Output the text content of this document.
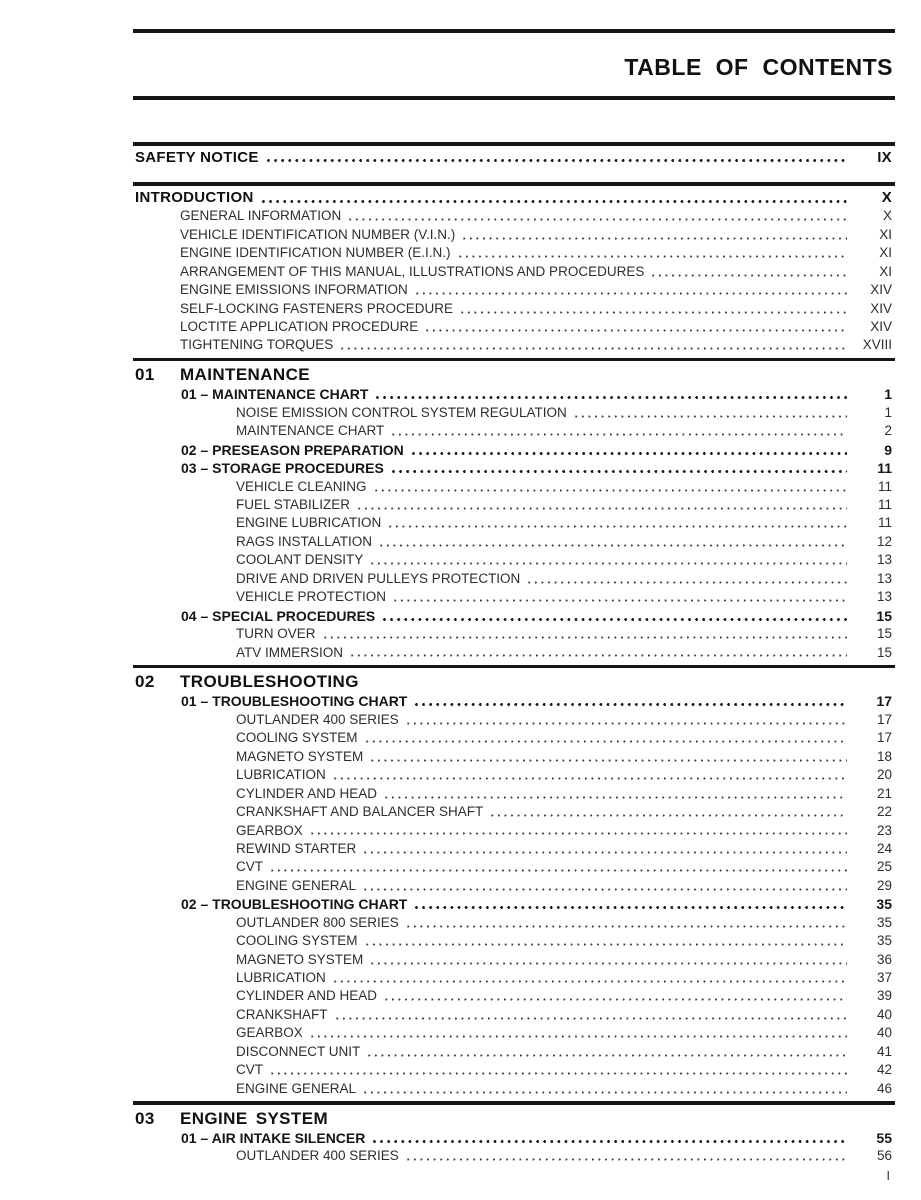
TABLE OF CONTENTS
SAFETY NOTICE	IX
INTRODUCTION	X
GENERAL INFORMATION	X
VEHICLE IDENTIFICATION NUMBER (V.I.N.)	XI
ENGINE IDENTIFICATION NUMBER (E.I.N.)	XI
ARRANGEMENT OF THIS MANUAL, ILLUSTRATIONS AND PROCEDURES	XI
ENGINE EMISSIONS INFORMATION	XIV
SELF-LOCKING FASTENERS PROCEDURE	XIV
LOCTITE APPLICATION PROCEDURE	XIV
TIGHTENING TORQUES	XVIII
01	MAINTENANCE
01 – MAINTENANCE CHART	1
NOISE EMISSION CONTROL SYSTEM REGULATION	1
MAINTENANCE CHART	2
02 – PRESEASON PREPARATION	9
03 – STORAGE PROCEDURES	11
VEHICLE CLEANING	11
FUEL STABILIZER	11
ENGINE LUBRICATION	11
RAGS INSTALLATION	12
COOLANT DENSITY	13
DRIVE AND DRIVEN PULLEYS PROTECTION	13
VEHICLE PROTECTION	13
04 – SPECIAL PROCEDURES	15
TURN OVER	15
ATV IMMERSION	15
02	TROUBLESHOOTING
01 – TROUBLESHOOTING CHART	17
OUTLANDER 400 SERIES	17
COOLING SYSTEM	17
MAGNETO SYSTEM	18
LUBRICATION	20
CYLINDER AND HEAD	21
CRANKSHAFT AND BALANCER SHAFT	22
GEARBOX	23
REWIND STARTER	24
CVT	25
ENGINE GENERAL	29
02 – TROUBLESHOOTING CHART	35
OUTLANDER 800 SERIES	35
COOLING SYSTEM	35
MAGNETO SYSTEM	36
LUBRICATION	37
CYLINDER AND HEAD	39
CRANKSHAFT	40
GEARBOX	40
DISCONNECT UNIT	41
CVT	42
ENGINE GENERAL	46
03	ENGINE SYSTEM
01 – AIR INTAKE SILENCER	55
OUTLANDER 400 SERIES	56
I
